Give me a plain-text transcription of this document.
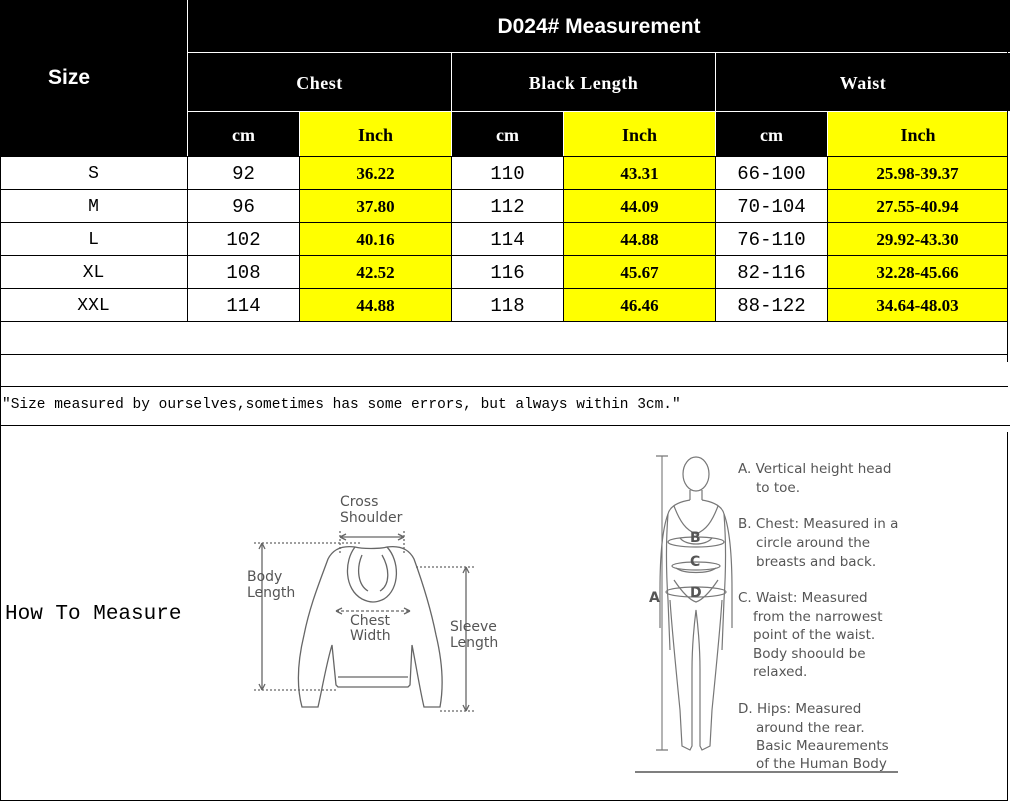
Size
D024# Measurement
Chest	Black Length	Waist
cm	Inch	cm	Inch	cm	Inch
S	92	36.22	110	43.31	66-100	25.98-39.37
M	96	37.80	112	44.09	70-104	27.55-40.94
L	102	40.16	114	44.88	76-110	29.92-43.30
XL	108	42.52	116	45.67	82-116	32.28-45.66
XXL	114	44.88	118	46.46	88-122	34.64-48.03
″Size measured by ourselves,sometimes has some errors, but always within 3cm.″
How To Measure
Cross Shoulder
Body Length
Chest Width
Sleeve Length
B
C
D
A
A. Vertical height head to toe.
B. Chest: Measured in a circle around the breasts and back.
C. Waist: Measured from the narrowest point of the waist. Body shoould be relaxed.
D. Hips: Measured around the rear. Basic Meaurements of the Human Body
